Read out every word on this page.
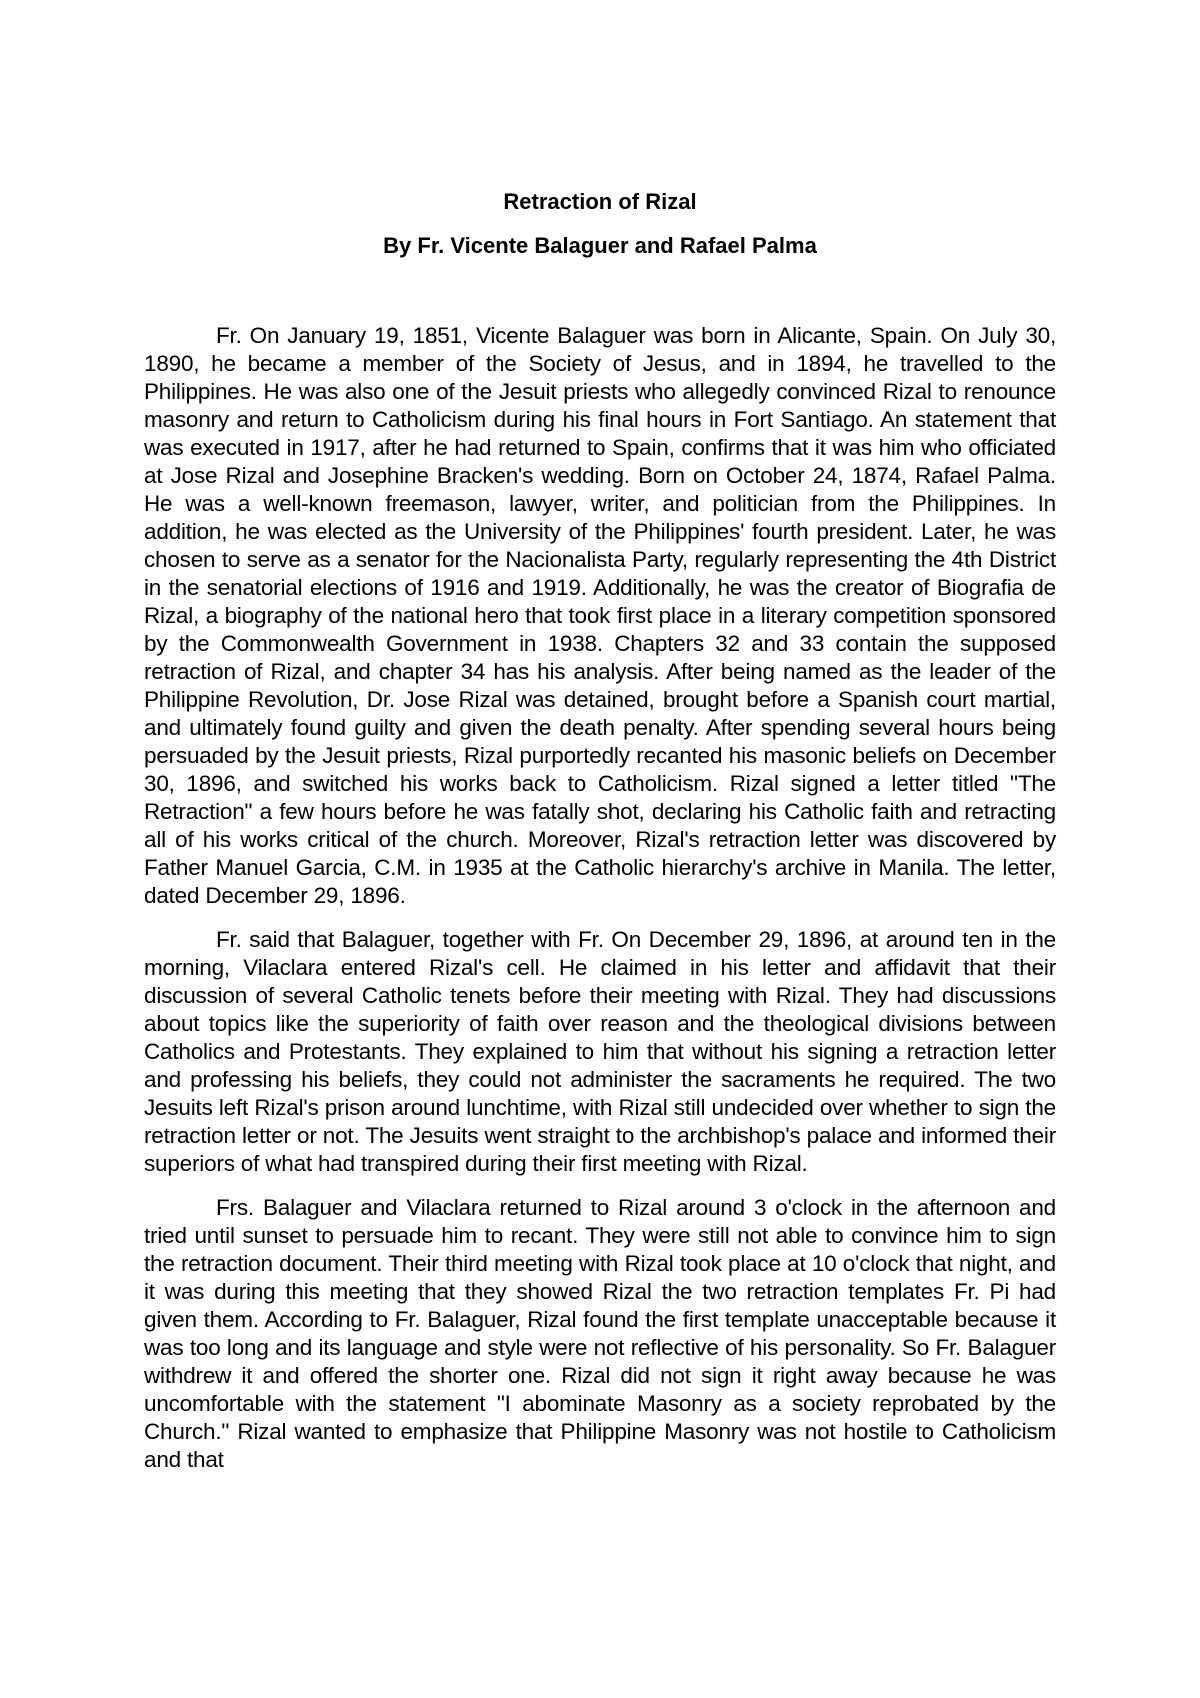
Retraction of Rizal
By Fr. Vicente Balaguer and Rafael Palma

Fr. On January 19, 1851, Vicente Balaguer was born in Alicante, Spain. On July 30, 1890, he became a member of the Society of Jesus, and in 1894, he travelled to the Philippines. He was also one of the Jesuit priests who allegedly convinced Rizal to renounce masonry and return to Catholicism during his final hours in Fort Santiago. An statement that was executed in 1917, after he had returned to Spain, confirms that it was him who officiated at Jose Rizal and Josephine Bracken's wedding. Born on October 24, 1874, Rafael Palma. He was a well-known freemason, lawyer, writer, and politician from the Philippines. In addition, he was elected as the University of the Philippines' fourth president. Later, he was chosen to serve as a senator for the Nacionalista Party, regularly representing the 4th District in the senatorial elections of 1916 and 1919. Additionally, he was the creator of Biografia de Rizal, a biography of the national hero that took first place in a literary competition sponsored by the Commonwealth Government in 1938. Chapters 32 and 33 contain the supposed retraction of Rizal, and chapter 34 has his analysis. After being named as the leader of the Philippine Revolution, Dr. Jose Rizal was detained, brought before a Spanish court martial, and ultimately found guilty and given the death penalty. After spending several hours being persuaded by the Jesuit priests, Rizal purportedly recanted his masonic beliefs on December 30, 1896, and switched his works back to Catholicism. Rizal signed a letter titled "The Retraction" a few hours before he was fatally shot, declaring his Catholic faith and retracting all of his works critical of the church. Moreover, Rizal's retraction letter was discovered by Father Manuel Garcia, C.M. in 1935 at the Catholic hierarchy's archive in Manila. The letter, dated December 29, 1896.

Fr. said that Balaguer, together with Fr. On December 29, 1896, at around ten in the morning, Vilaclara entered Rizal's cell. He claimed in his letter and affidavit that their discussion of several Catholic tenets before their meeting with Rizal. They had discussions about topics like the superiority of faith over reason and the theological divisions between Catholics and Protestants. They explained to him that without his signing a retraction letter and professing his beliefs, they could not administer the sacraments he required. The two Jesuits left Rizal's prison around lunchtime, with Rizal still undecided over whether to sign the retraction letter or not. The Jesuits went straight to the archbishop's palace and informed their superiors of what had transpired during their first meeting with Rizal.

Frs. Balaguer and Vilaclara returned to Rizal around 3 o'clock in the afternoon and tried until sunset to persuade him to recant. They were still not able to convince him to sign the retraction document. Their third meeting with Rizal took place at 10 o'clock that night, and it was during this meeting that they showed Rizal the two retraction templates Fr. Pi had given them. According to Fr. Balaguer, Rizal found the first template unacceptable because it was too long and its language and style were not reflective of his personality. So Fr. Balaguer withdrew it and offered the shorter one. Rizal did not sign it right away because he was uncomfortable with the statement "I abominate Masonry as a society reprobated by the Church." Rizal wanted to emphasize that Philippine Masonry was not hostile to Catholicism and that
